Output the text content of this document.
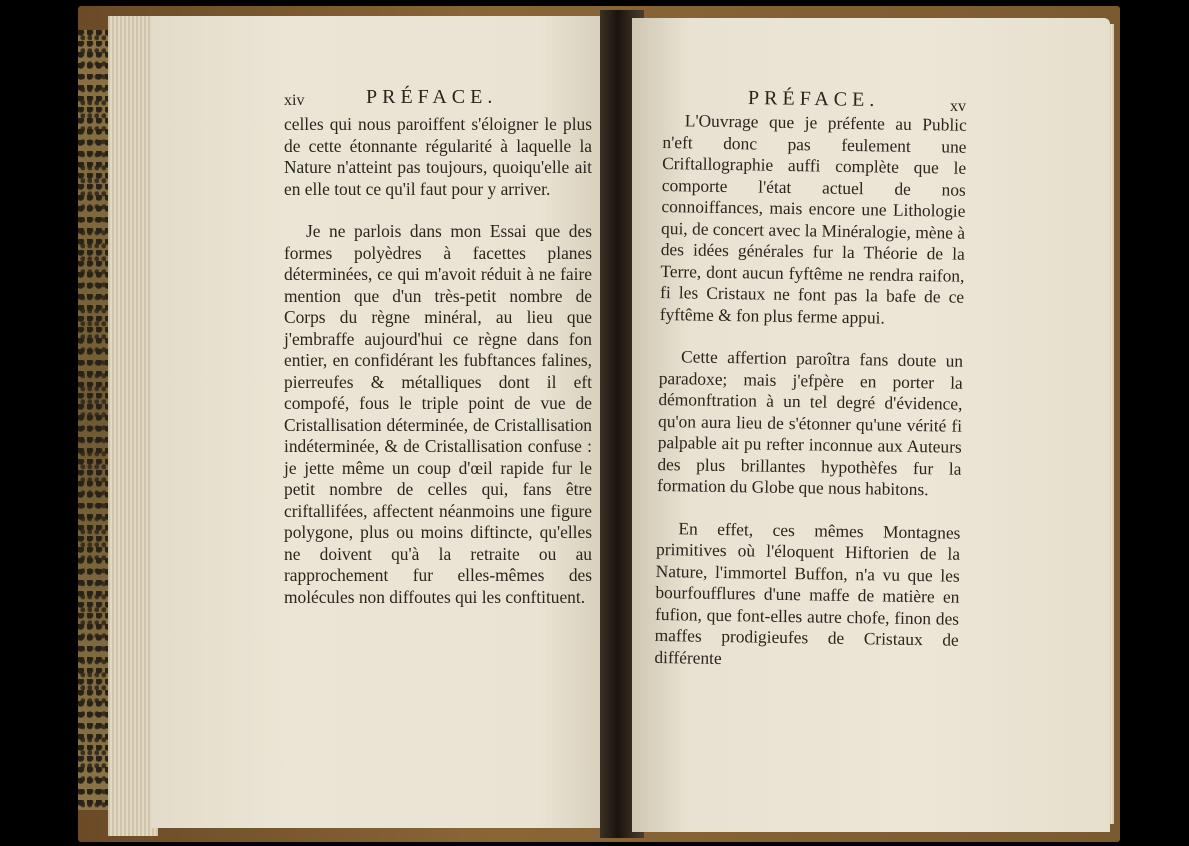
xiv	PRÉFACE.

celles qui nous paroiffent s'éloigner le plus de cette étonnante régularité à laquelle la Nature n'atteint pas toujours, quoiqu'elle ait en elle tout ce qu'il faut pour y arriver.

Je ne parlois dans mon Essai que des formes polyèdres à facettes planes déterminées, ce qui m'avoit réduit à ne faire mention que d'un très-petit nombre de Corps du règne minéral, au lieu que j'embraffe aujourd'hui ce règne dans fon entier, en confidérant les fubftances falines, pierreufes & métalliques dont il eft compofé, fous le triple point de vue de Cristallisation déterminée, de Cristallisation indéterminée, & de Cristallisation confuse : je jette même un coup d'œil rapide fur le petit nombre de celles qui, fans être criftallifées, affectent néanmoins une figure polygone, plus ou moins diftincte, qu'elles ne doivent qu'à la retraite ou au rapprochement fur elles-mêmes des molécules non diffoutes qui les conftituent.

PRÉFACE.	xv

L'Ouvrage que je préfente au Public n'eft donc pas feulement une Criftallographie auffi complète que le comporte l'état actuel de nos connoiffances, mais encore une Lithologie qui, de concert avec la Minéralogie, mène à des idées générales fur la Théorie de la Terre, dont aucun fyftême ne rendra raifon, fi les Cristaux ne font pas la bafe de ce fyftême & fon plus ferme appui.

Cette affertion paroîtra fans doute un paradoxe; mais j'efpère en porter la démonftration à un tel degré d'évidence, qu'on aura lieu de s'étonner qu'une vérité fi palpable ait pu refter inconnue aux Auteurs des plus brillantes hypothèfes fur la formation du Globe que nous habitons.

En effet, ces mêmes Montagnes primitives où l'éloquent Hiftorien de la Nature, l'immortel Buffon, n'a vu que les bourfoufflures d'une maffe de matière en fufion, que font-elles autre chofe, finon des maffes prodigieufes de Cristaux de différente
